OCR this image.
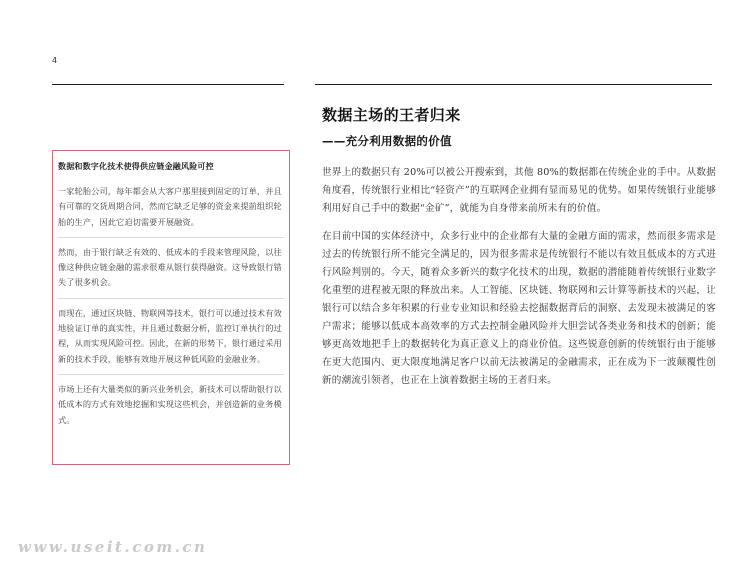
4

数据和数字化技术使得供应链金融风险可控

一家轮胎公司，每年都会从大客户那里接到固定的订单，并且有可靠的交货周期合同，然而它缺乏足够的资金来提前组织轮胎的生产，因此它迫切需要开展融资。

然而，由于银行缺乏有效的、低成本的手段来管理风险，以往像这种供应链金融的需求很难从银行获得融资。这导致银行错失了很多机会。

而现在，通过区块链、物联网等技术，银行可以通过技术有效地验证订单的真实性，并且通过数据分析，监控订单执行的过程，从而实现风险可控。因此，在新的形势下，银行通过采用新的技术手段，能够有效地开展这种低风险的金融业务。

市场上还有大量类似的新兴业务机会，新技术可以帮助银行以低成本的方式有效地挖掘和实现这些机会，并创造新的业务模式。

数据主场的王者归来
——充分利用数据的价值

世界上的数据只有 20%可以被公开搜索到，其他 80%的数据都在传统企业的手中。从数据角度看，传统银行业相比“轻资产”的互联网企业拥有显而易见的优势。如果传统银行业能够利用好自己手中的数据“金矿”，就能为自身带来前所未有的价值。

在目前中国的实体经济中，众多行业中的企业都有大量的金融方面的需求，然而很多需求是过去的传统银行所不能完全满足的，因为很多需求是传统银行不能以有效且低成本的方式进行风险判别的。今天，随着众多新兴的数字化技术的出现，数据的潜能随着传统银行业数字化重塑的进程被无限的释放出来。人工智能、区块链、物联网和云计算等新技术的兴起，让银行可以结合多年积累的行业专业知识和经验去挖掘数据背后的洞察、去发现未被满足的客户需求；能够以低成本高效率的方式去控制金融风险并大胆尝试各类业务和技术的创新；能够更高效地把手上的数据转化为真正意义上的商业价值。这些锐意创新的传统银行由于能够在更大范围内、更大限度地满足客户以前无法被满足的金融需求，正在成为下一波颠覆性创新的潮流引领者，也正在上演着数据主场的王者归来。

www.useit.com.cn
